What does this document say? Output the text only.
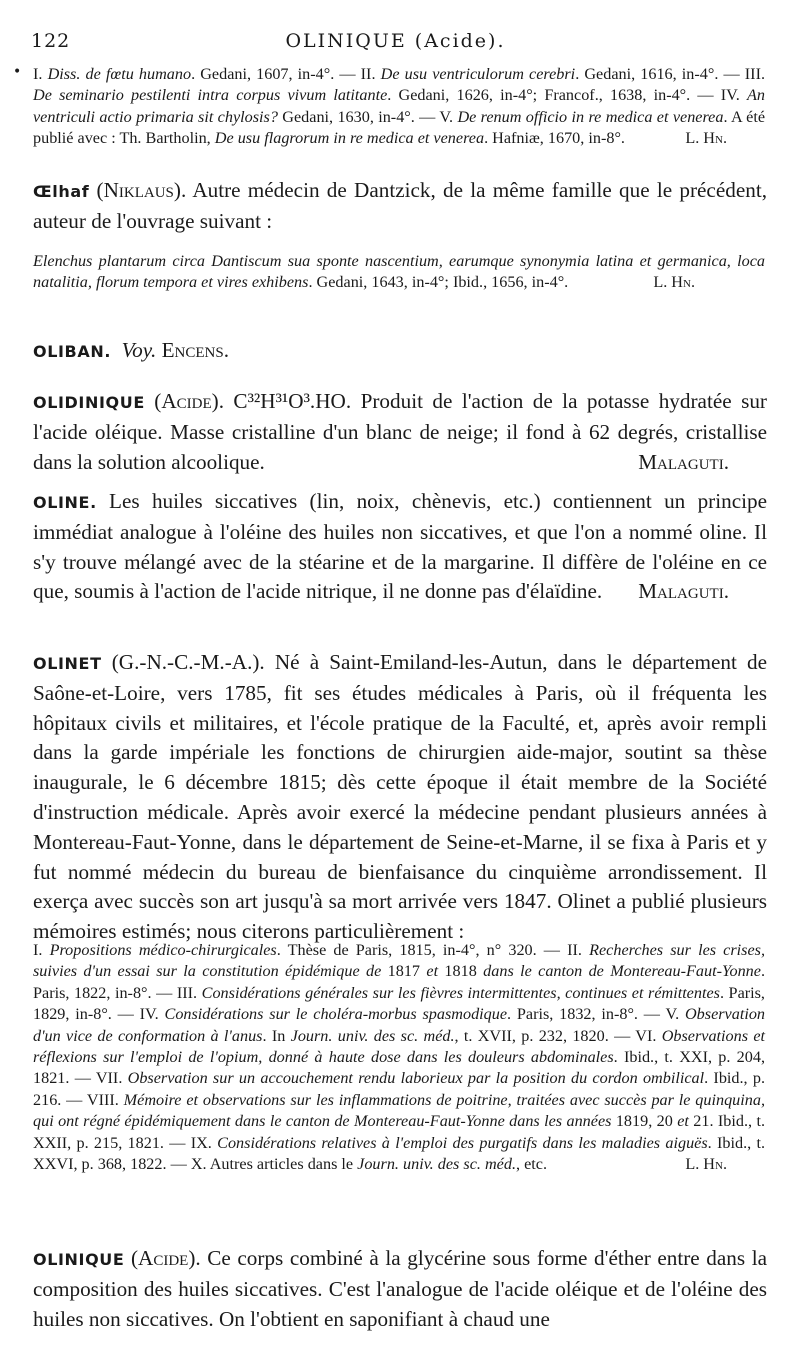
122	OLINIQUE (Acide).
• I. Diss. de fœtu humano. Gedani, 1607, in-4°. — II. De usu ventriculorum cerebri. Gedani, 1616, in-4°. — III. De seminario pestilenti intra corpus vivum latitante. Gedani, 1626, in-4°; Francof., 1638, in-4°. — IV. An ventriculi actio primaria sit chylosis? Gedani, 1630, in-4°. — V. De renum officio in re medica et venerea. A été publié avec : Th. Bartholin, De usu flagrorum in re medica et venerea. Hafniæ, 1670, in-8°.	L. Hn.
Œlhaf (Niklaus). Autre médecin de Dantzick, de la même famille que le précédent, auteur de l'ouvrage suivant :
Elenchus plantarum circa Dantiscum sua sponte nascentium, earumque synonymia latina et germanica, loca natalitia, florum tempora et vires exhibens. Gedani, 1643, in-4°; Ibid., 1656, in-4°.	L. Hn.
OLIBAN. Voy. Encens.
OLIDINIQUE (Acide). C³²H³¹O³.HO. Produit de l'action de la potasse hydratée sur l'acide oléique. Masse cristalline d'un blanc de neige; il fond à 62 degrés, cristallise dans la solution alcoolique.	Malaguti.
OLINE. Les huiles siccatives (lin, noix, chènevis, etc.) contiennent un principe immédiat analogue à l'oléine des huiles non siccatives, et que l'on a nommé oline. Il s'y trouve mélangé avec de la stéarine et de la margarine. Il diffère de l'oléine en ce que, soumis à l'action de l'acide nitrique, il ne donne pas d'élaïdine. Malaguti.
OLINET (G.-N.-C.-M.-A.). Né à Saint-Emiland-les-Autun, dans le département de Saône-et-Loire, vers 1785, fit ses études médicales à Paris, où il fréquenta les hôpitaux civils et militaires, et l'école pratique de la Faculté, et, après avoir rempli dans la garde impériale les fonctions de chirurgien aide-major, soutint sa thèse inaugurale, le 6 décembre 1815; dès cette époque il était membre de la Société d'instruction médicale. Après avoir exercé la médecine pendant plusieurs années à Montereau-Faut-Yonne, dans le département de Seine-et-Marne, il se fixa à Paris et y fut nommé médecin du bureau de bienfaisance du cinquième arrondissement. Il exerça avec succès son art jusqu'à sa mort arrivée vers 1847. Olinet a publié plusieurs mémoires estimés; nous citerons particulièrement :
I. Propositions médico-chirurgicales. Thèse de Paris, 1815, in-4°, n° 320. — II. Recherches sur les crises, suivies d'un essai sur la constitution épidémique de 1817 et 1818 dans le canton de Montereau-Faut-Yonne. Paris, 1822, in-8°. — III. Considérations générales sur les fièvres intermittentes, continues et rémittentes. Paris, 1829, in-8°. — IV. Considérations sur le choléra-morbus spasmodique. Paris, 1832, in-8°. — V. Observation d'un vice de conformation à l'anus. In Journ. univ. des sc. méd., t. XVII, p. 232, 1820. — VI. Observations et réflexions sur l'emploi de l'opium, donné à haute dose dans les douleurs abdominales. Ibid., t. XXI, p. 204, 1821. — VII. Observation sur un accouchement rendu laborieux par la position du cordon ombilical. Ibid., p. 216. — VIII. Mémoire et observations sur les inflammations de poitrine, traitées avec succès par le quinquina, qui ont régné épidémiquement dans le canton de Montereau-Faut-Yonne dans les années 1819, 20 et 21. Ibid., t. XXII, p. 215, 1821. — IX. Considérations relatives à l'emploi des purgatifs dans les maladies aiguës. Ibid., t. XXVI, p. 368, 1822. — X. Autres articles dans le Journ. univ. des sc. méd., etc.	L. Hn.
OLINIQUE (Acide). Ce corps combiné à la glycérine sous forme d'éther entre dans la composition des huiles siccatives. C'est l'analogue de l'acide oléique et de l'oléine des huiles non siccatives. On l'obtient en saponifiant à chaud une
